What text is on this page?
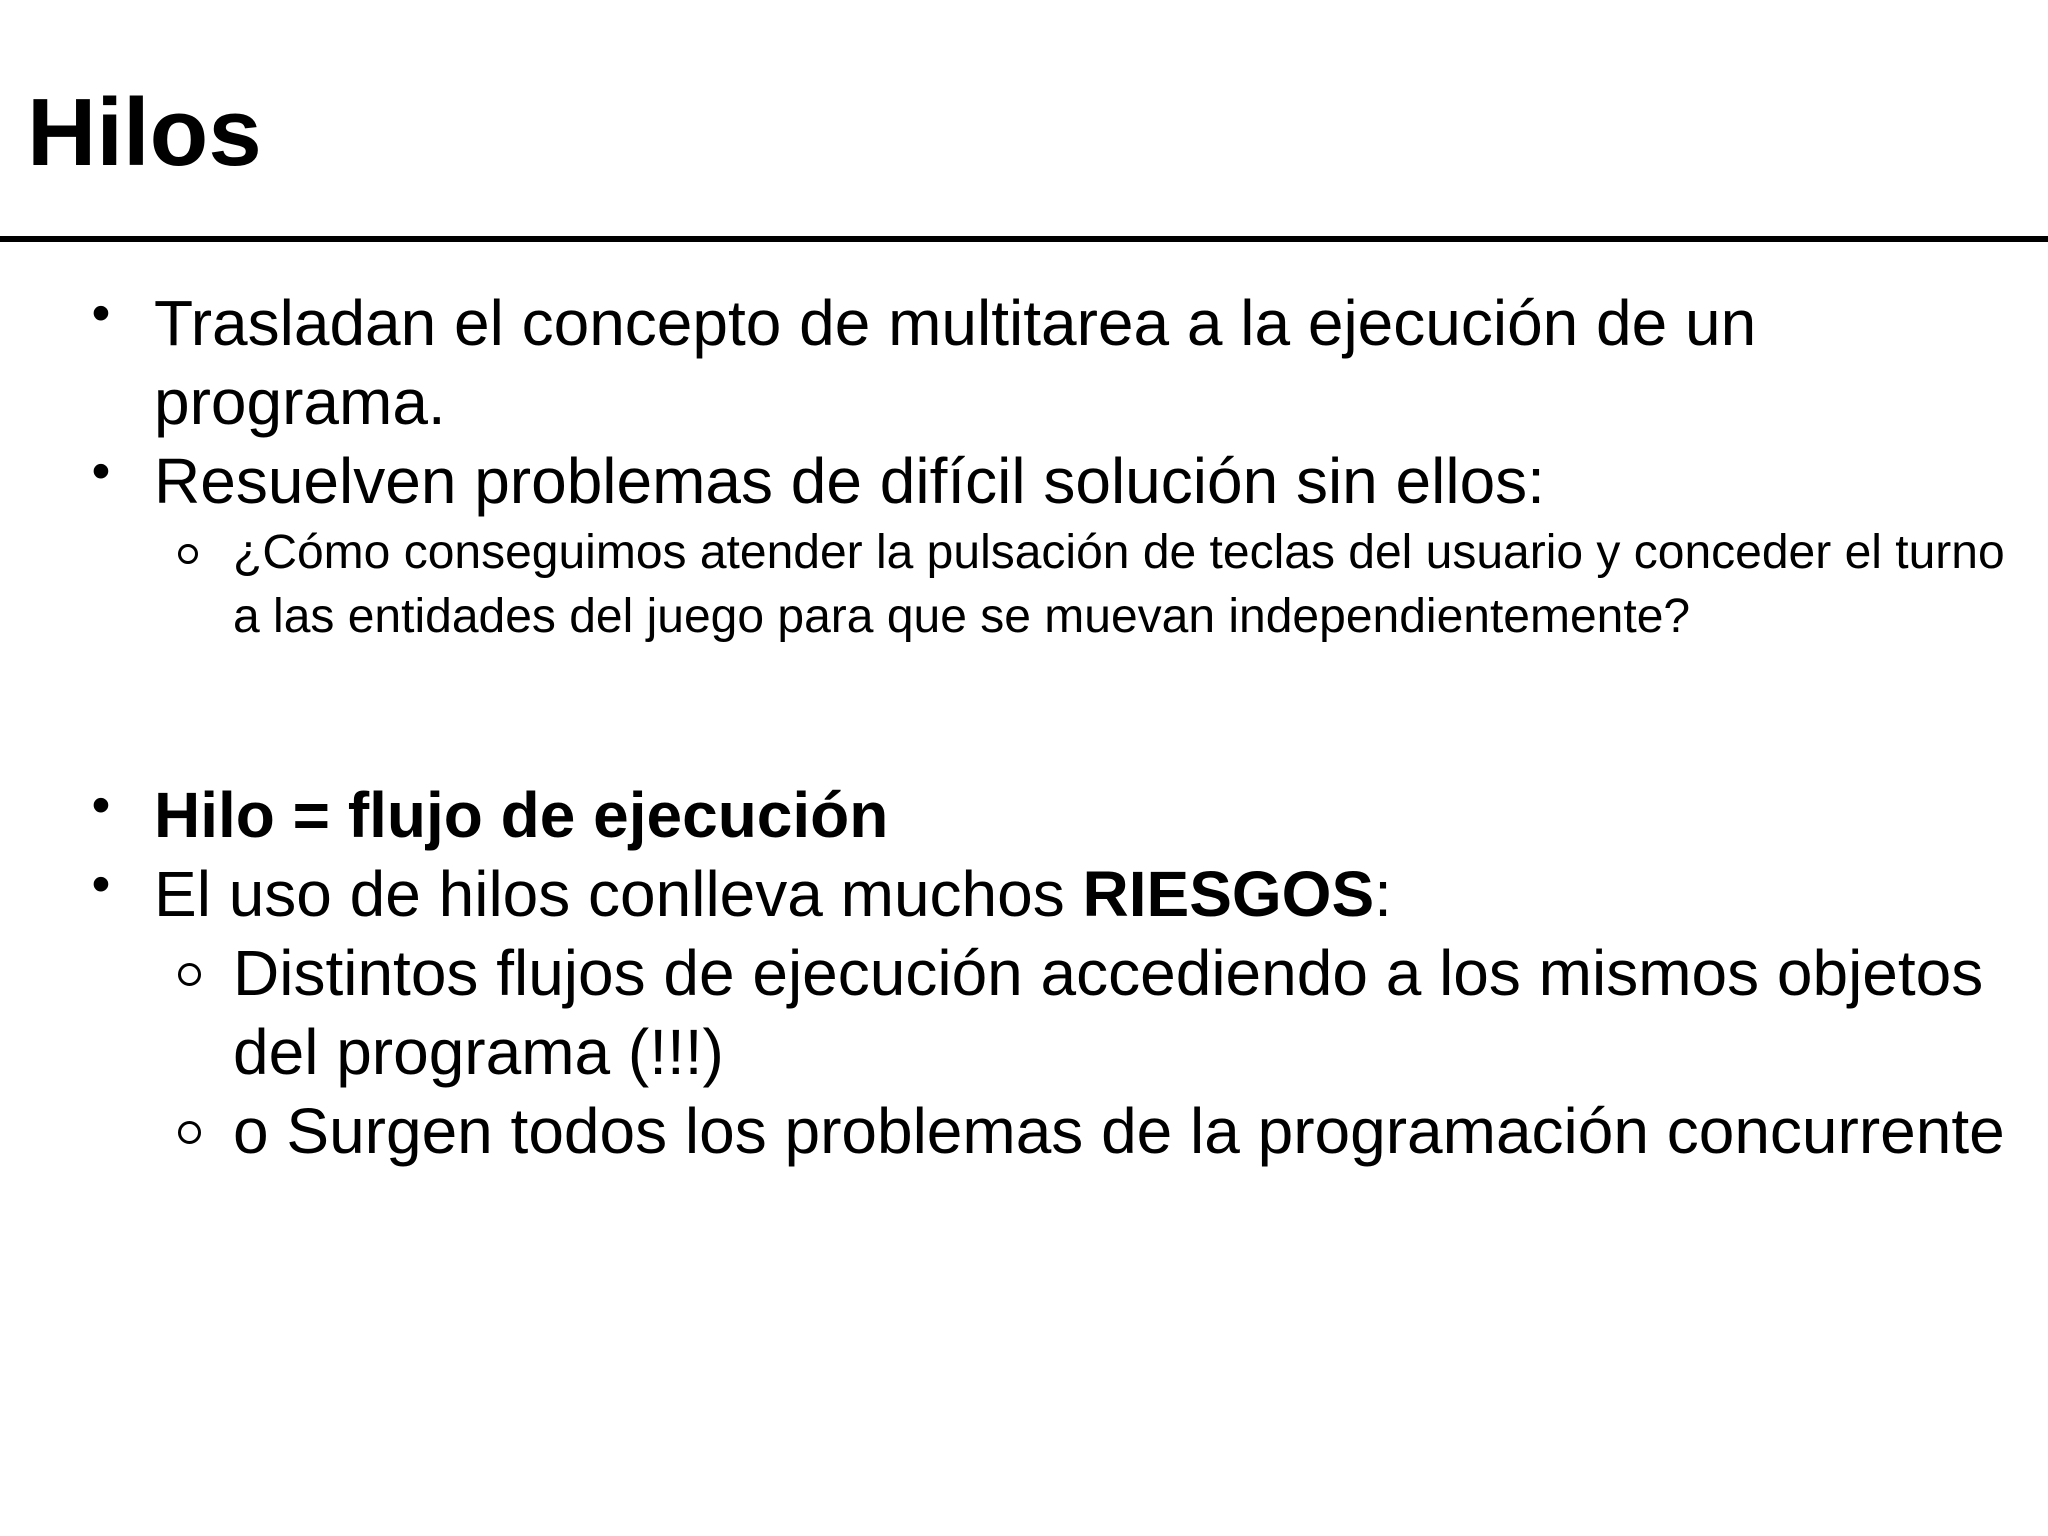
Hilos
• Trasladan el concepto de multitarea a la ejecución de un programa.

• Resuelven problemas de difícil solución sin ellos:

¿Cómo conseguimos atender la pulsación de teclas del usuario y conceder el turno a las entidades del juego para que se muevan independientemente?

• Hilo = flujo de ejecución

• El uso de hilos conlleva muchos RIESGOS:

Distintos flujos de ejecución accediendo a los mismos objetos del programa (!!!)

o Surgen todos los problemas de la programación concurrente
